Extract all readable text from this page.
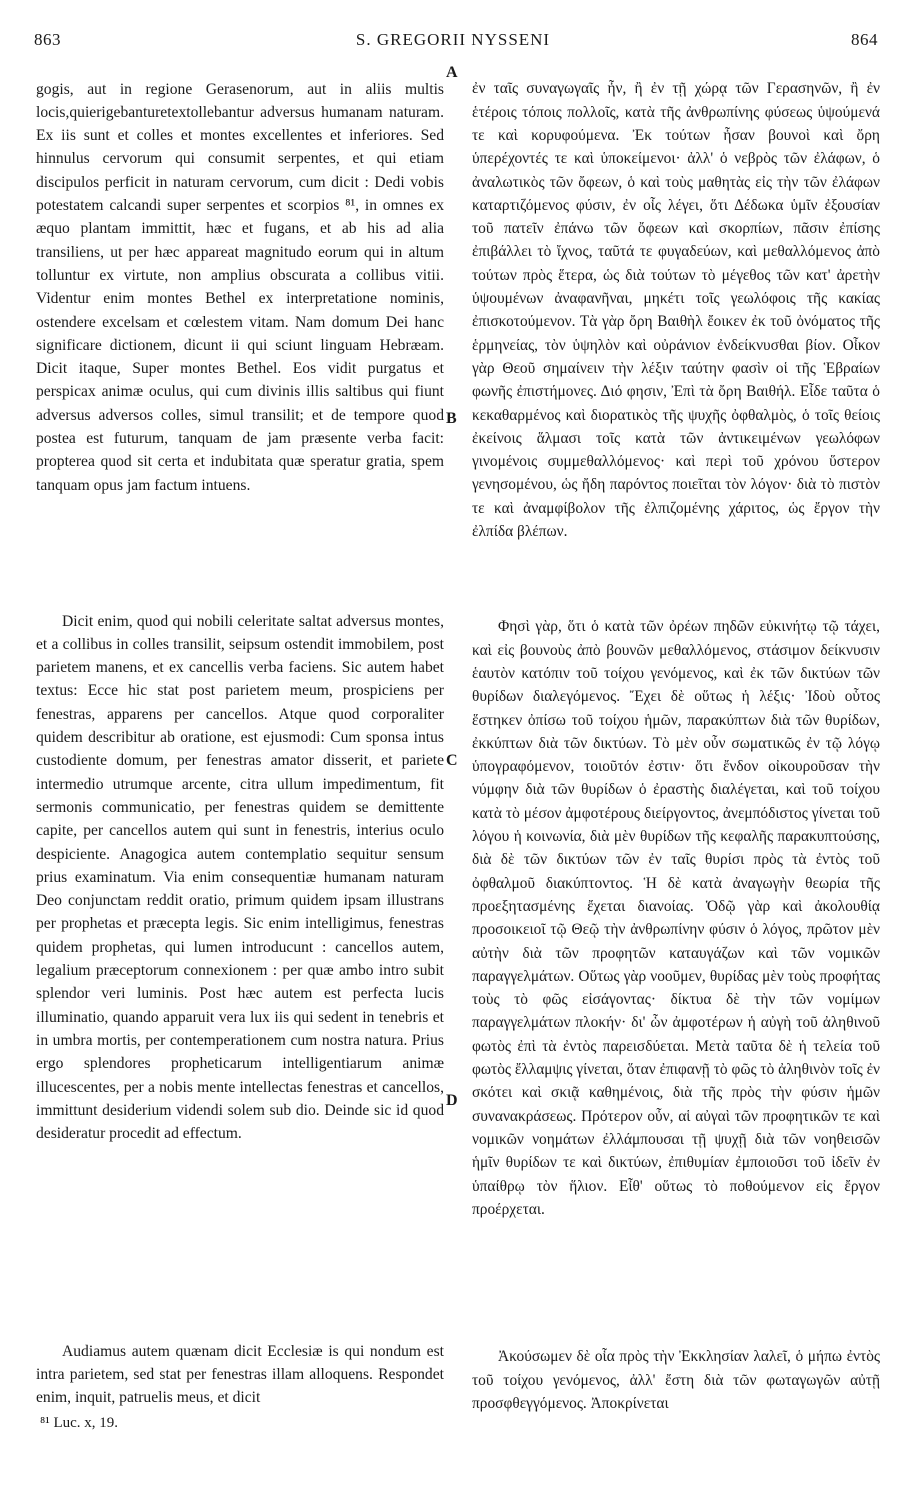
863	S. GREGORII NYSSENI	864

gogis, aut in regione Gerasenorum, aut in aliis multis locis,quierigebanturetextollebantur adversus humanam naturam. Ex iis sunt et colles et montes excellentes et inferiores. Sed hinnulus cervorum qui consumit serpentes, et qui etiam discipulos perficit in naturam cervorum, cum dicit : Dedi vobis potestatem calcandi super serpentes et scorpios ⁸¹, in omnes ex æquo plantam immittit, hæc et fugans, et ab his ad alia transiliens, ut per hæc appareat magnitudo eorum qui in altum tolluntur ex virtute, non amplius obscurata a collibus vitii. Videntur enim montes Bethel ex interpretatione nominis, ostendere excelsam et cœlestem vitam. Nam domum Dei hanc significare dictionem, dicunt ii qui sciunt linguam Hebræam. Dicit itaque, Super montes Bethel. Eos vidit purgatus et perspicax animæ oculus, qui cum divinis illis saltibus qui fiunt adversus adversos colles, simul transilit; et de tempore quod postea est futurum, tanquam de jam præsente verba facit: propterea quod sit certa et indubitata quæ speratur gratia, spem tanquam opus jam factum intuens.

Dicit enim, quod qui nobili celeritate saltat adversus montes, et a collibus in colles transilit, seipsum ostendit immobilem, post parietem manens, et ex cancellis verba faciens. Sic autem habet textus: Ecce hic stat post parietem meum, prospiciens per fenestras, apparens per cancellos. Atque quod corporaliter quidem describitur ab oratione, est ejusmodi: Cum sponsa intus custodiente domum, per fenestras amator disserit, et pariete intermedio utrumque arcente, citra ullum impedimentum, fit sermonis communicatio, per fenestras quidem se demittente capite, per cancellos autem qui sunt in fenestris, interius oculo despiciente. Anagogica autem contemplatio sequitur sensum prius examinatum. Via enim consequentiæ humanam naturam Deo conjunctam reddit oratio, primum quidem ipsam illustrans per prophetas et præcepta legis. Sic enim intelligimus, fenestras quidem prophetas, qui lumen introducunt : cancellos autem, legalium præceptorum connexionem : per quæ ambo intro subit splendor veri luminis. Post hæc autem est perfecta lucis illuminatio, quando apparuit vera lux iis qui sedent in tenebris et in umbra mortis, per contemperationem cum nostra natura. Prius ergo splendores propheticarum intelligentiarum animæ illucescentes, per a nobis mente intellectas fenestras et cancellos, immittunt desiderium videndi solem sub dio. Deinde sic id quod desideratur procedit ad effectum.

Audiamus autem quænam dicit Ecclesiæ is qui nondum est intra parietem, sed stat per fenestras illam alloquens. Respondet enim, inquit, patruelis meus, et dicit

A
B
C
D

ἐν ταῖς συναγωγαῖς ἦν, ἢ ἐν τῇ χώρᾳ τῶν Γερασηνῶν, ἢ ἐν ἑτέροις τόποις πολλοῖς, κατὰ τῆς ἀνθρωπίνης φύσεως ὑψούμενά τε καὶ κορυφούμενα. Ἐκ τούτων ἦσαν βουνοὶ καὶ ὄρη ὑπερέχοντές τε καὶ ὑποκείμενοι· ἀλλ' ὁ νεβρὸς τῶν ἐλάφων, ὁ ἀναλωτικὸς τῶν ὄφεων, ὁ καὶ τοὺς μαθητὰς εἰς τὴν τῶν ἐλάφων καταρτιζόμενος φύσιν, ἐν οἷς λέγει, ὅτι Δέδωκα ὑμῖν ἐξουσίαν τοῦ πατεῖν ἐπάνω τῶν ὄφεων καὶ σκορπίων, πᾶσιν ἐπίσης ἐπιβάλλει τὸ ἴχνος, ταῦτά τε φυγαδεύων, καὶ μεθαλλόμενος ἀπὸ τούτων πρὸς ἕτερα, ὡς διὰ τούτων τὸ μέγεθος τῶν κατ' ἀρετὴν ὑψουμένων ἀναφανῆναι, μηκέτι τοῖς γεωλόφοις τῆς κακίας ἐπισκοτούμενον. Τὰ γὰρ ὄρη Βαιθὴλ ἔοικεν ἐκ τοῦ ὀνόματος τῆς ἑρμηνείας, τὸν ὑψηλὸν καὶ οὐράνιον ἐνδείκνυσθαι βίον. Οἶκον γὰρ Θεοῦ σημαίνειν τὴν λέξιν ταύτην φασὶν οἱ τῆς Ἑβραίων φωνῆς ἐπιστήμονες. Διό φησιν, Ἐπὶ τὰ ὄρη Βαιθήλ. Εἶδε ταῦτα ὁ κεκαθαρμένος καὶ διορατικὸς τῆς ψυχῆς ὀφθαλμὸς, ὁ τοῖς θείοις ἐκείνοις ἅλμασι τοῖς κατὰ τῶν ἀντικειμένων γεωλόφων γινομένοις συμμεθαλλόμενος· καὶ περὶ τοῦ χρόνου ὕστερον γενησομένου, ὡς ἤδη παρόντος ποιεῖται τὸν λόγον· διὰ τὸ πιστὸν τε καὶ ἀναμφίβολον τῆς ἐλπιζομένης χάριτος, ὡς ἔργον τὴν ἐλπίδα βλέπων.

Φησὶ γὰρ, ὅτι ὁ κατὰ τῶν ὀρέων πηδῶν εὐκινήτῳ τῷ τάχει, καὶ εἰς βουνοὺς ἀπὸ βουνῶν μεθαλλόμενος, στάσιμον δείκνυσιν ἑαυτὸν κατόπιν τοῦ τοίχου γενόμενος, καὶ ἐκ τῶν δικτύων τῶν θυρίδων διαλεγόμενος. Ἔχει δὲ οὕτως ἡ λέξις· Ἰδοὺ οὗτος ἕστηκεν ὀπίσω τοῦ τοίχου ἡμῶν, παρακύπτων διὰ τῶν θυρίδων, ἐκκύπτων διὰ τῶν δικτύων. Τὸ μὲν οὖν σωματικῶς ἐν τῷ λόγῳ ὑπογραφόμενον, τοιοῦτόν ἐστιν· ὅτι ἔνδον οἰκουροῦσαν τὴν νύμφην διὰ τῶν θυρίδων ὁ ἐραστὴς διαλέγεται, καὶ τοῦ τοίχου κατὰ τὸ μέσον ἀμφοτέρους διείργοντος, ἀνεμπόδιστος γίνεται τοῦ λόγου ἡ κοινωνία, διὰ μὲν θυρίδων τῆς κεφαλῆς παρακυπτούσης, διὰ δὲ τῶν δικτύων τῶν ἐν ταῖς θυρίσι πρὸς τὰ ἐντὸς τοῦ ὀφθαλμοῦ διακύπτοντος. Ἡ δὲ κατὰ ἀναγωγὴν θεωρία τῆς προεξητασμένης ἔχεται διανοίας. Ὁδῷ γὰρ καὶ ἀκολουθίᾳ προσοικειοῖ τῷ Θεῷ τὴν ἀνθρωπίνην φύσιν ὁ λόγος, πρῶτον μὲν αὐτὴν διὰ τῶν προφητῶν καταυγάζων καὶ τῶν νομικῶν παραγγελμάτων. Οὕτως γὰρ νοοῦμεν, θυρίδας μὲν τοὺς προφήτας τοὺς τὸ φῶς εἰσάγοντας· δίκτυα δὲ τὴν τῶν νομίμων παραγγελμάτων πλοκήν· δι' ὧν ἀμφοτέρων ἡ αὐγὴ τοῦ ἀληθινοῦ φωτὸς ἐπὶ τὰ ἐντὸς παρεισδύεται. Μετὰ ταῦτα δὲ ἡ τελεία τοῦ φωτὸς ἔλλαμψις γίνεται, ὅταν ἐπιφανῇ τὸ φῶς τὸ ἀληθινὸν τοῖς ἐν σκότει καὶ σκιᾷ καθημένοις, διὰ τῆς πρὸς τὴν φύσιν ἡμῶν συνανακράσεως. Πρότερον οὖν, αἱ αὐγαὶ τῶν προφητικῶν τε καὶ νομικῶν νοημάτων ἐλλάμπουσαι τῇ ψυχῇ διὰ τῶν νοηθεισῶν ἡμῖν θυρίδων τε καὶ δικτύων, ἐπιθυμίαν ἐμποιοῦσι τοῦ ἰδεῖν ἐν ὑπαίθρῳ τὸν ἥλιον. Εἶθ' οὕτως τὸ ποθούμενον εἰς ἔργον προέρχεται.

Ἀκούσωμεν δὲ οἷα πρὸς τὴν Ἐκκλησίαν λαλεῖ, ὁ μήπω ἐντὸς τοῦ τοίχου γενόμενος, ἀλλ' ἔστη διὰ τῶν φωταγωγῶν αὐτῇ προσφθεγγόμενος. Ἀποκρίνεται

⁸¹ Luc. x, 19.
